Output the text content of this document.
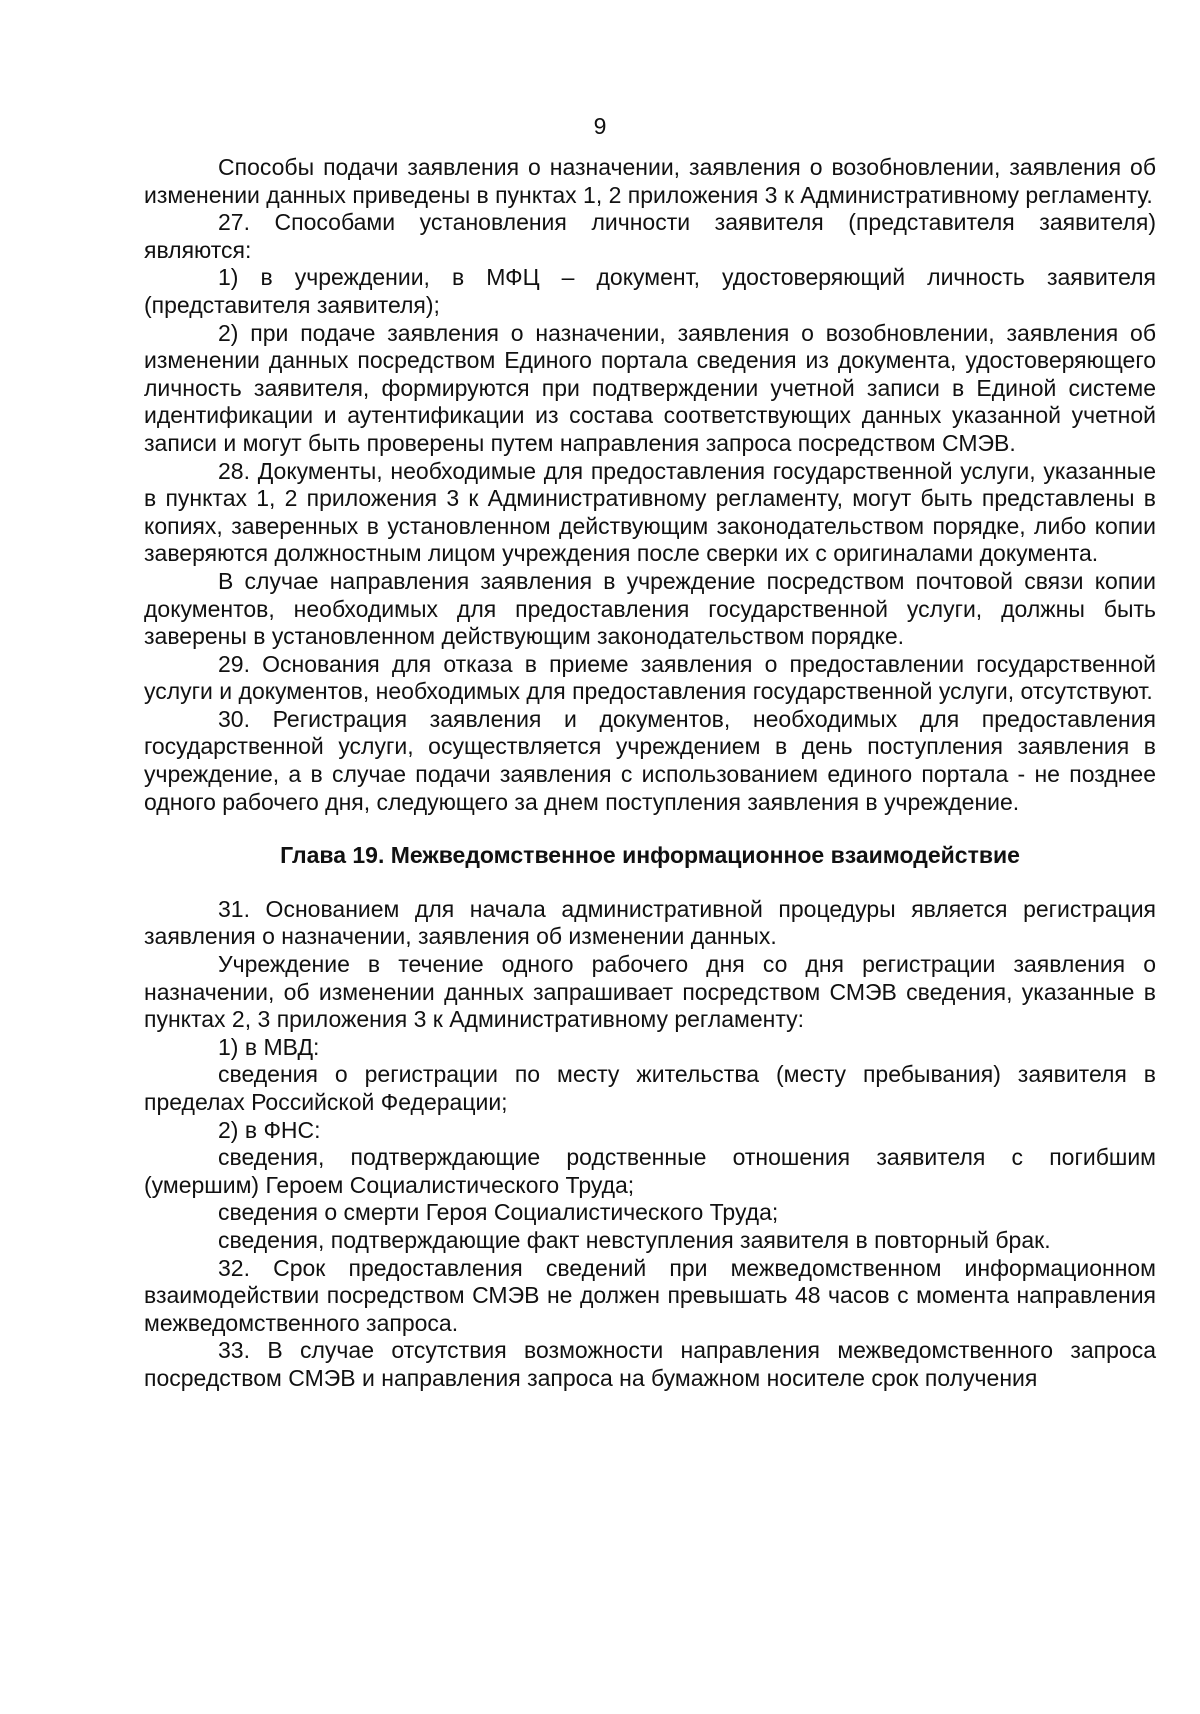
9

Способы подачи заявления о назначении, заявления о возобновлении, заявления об изменении данных приведены в пунктах 1, 2 приложения 3 к Административному регламенту.

27. Способами установления личности заявителя (представителя заявителя) являются:

1) в учреждении, в МФЦ – документ, удостоверяющий личность заявителя (представителя заявителя);

2) при подаче заявления о назначении, заявления о возобновлении, заявления об изменении данных посредством Единого портала сведения из документа, удостоверяющего личность заявителя, формируются при подтверждении учетной записи в Единой системе идентификации и аутентификации из состава соответствующих данных указанной учетной записи и могут быть проверены путем направления запроса посредством СМЭВ.

28. Документы, необходимые для предоставления государственной услуги, указанные в пунктах 1, 2 приложения 3 к Административному регламенту, могут быть представлены в копиях, заверенных в установленном действующим законодательством порядке, либо копии заверяются должностным лицом учреждения после сверки их с оригиналами документа.

В случае направления заявления в учреждение посредством почтовой связи копии документов, необходимых для предоставления государственной услуги, должны быть заверены в установленном действующим законодательством порядке.

29. Основания для отказа в приеме заявления о предоставлении государственной услуги и документов, необходимых для предоставления государственной услуги, отсутствуют.

30. Регистрация заявления и документов, необходимых для предоставления государственной услуги, осуществляется учреждением в день поступления заявления в учреждение, а в случае подачи заявления с использованием единого портала - не позднее одного рабочего дня, следующего за днем поступления заявления в учреждение.

Глава 19. Межведомственное информационное взаимодействие

31. Основанием для начала административной процедуры является регистрация заявления о назначении, заявления об изменении данных.

Учреждение в течение одного рабочего дня со дня регистрации заявления о назначении, об изменении данных запрашивает посредством СМЭВ сведения, указанные в пунктах 2, 3 приложения 3 к Административному регламенту:

1) в МВД:

сведения о регистрации по месту жительства (месту пребывания) заявителя в пределах Российской Федерации;

2) в ФНС:

сведения, подтверждающие родственные отношения заявителя с погибшим (умершим) Героем Социалистического Труда;

сведения о смерти Героя Социалистического Труда;

сведения, подтверждающие факт невступления заявителя в повторный брак.

32. Срок предоставления сведений при межведомственном информационном взаимодействии посредством СМЭВ не должен превышать 48 часов с момента направления межведомственного запроса.

33. В случае отсутствия возможности направления межведомственного запроса посредством СМЭВ и направления запроса на бумажном носителе срок получения
